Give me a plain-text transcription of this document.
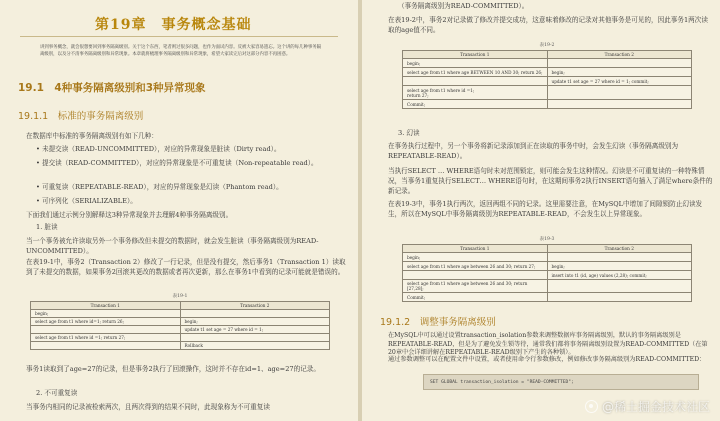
第19章　事务概念基础
讲到事务概念，就会很想要回到事务隔离级别。关于这个东西，笔者则过很多问题，也作为面试内容。反被大家容易遗忘。这个讲的每几种事务隔离级别，以及分不清事务隔离级别和异常现象。本章就将梳理事务隔离级别和异常现象，希望大家读完后对这部分内容不再困惑。
19.1　4种事务隔离级别和3种异常现象
19.1.1　标准的事务隔离级别
在数据库中标准的事务隔离级别有如下几种：
• 未提交读（READ-UNCOMMITTED），对应的异常现象是脏读（Dirty read）。
• 提交读（READ-COMMITTED），对应的异常现象是不可重复读（Non-repeatable read）。
• 可重复读（REPEATABLE-READ），对应的异常现象是幻读（Phantom read）。
• 可序列化（SERIALIZABLE）。
下面我们通过示例分别解释这3种异常现象并去理解4种事务隔离级别。
1. 脏读
当一个事务被允许读取另外一个事务修改但未提交的数据时，就会发生脏读（事务隔离级别为READ-UNCOMMITTED）。
在表19-1中，事务2（Transaction 2）修改了一行记录，但是没有提交，然后事务1（Transaction 1）读取到了未提交的数据，如果事务2回滚其更改的数据或者再次更新，那么在事务1中看到的记录可能就是错误的。
表19-1
Transaction 1	Transaction 2
begin;	
select age from t1 where id=1; return 26;	begin;
	update t1 set age = 27 where id = 1;
select age from t1 where id =1; return 27;	
	Rollback
事务1读取到了age=27的记录，但是事务2执行了回滚操作，这时并不存在id=1、age=27的记录。
2. 不可重复读
当事务内相同的记录被检索两次，且两次得到的结果不同时，此现象称为不可重复读
（事务隔离级别为READ-COMMITTED）。
在表19-2中，事务2对记录做了修改并提交成功，这意味着修改的记录对其他事务是可见的，因此事务1两次读取的age值不同。
表19-2
Transaction 1	Transaction 2
begin;	
select age from t1 where age BETWEEN 10 AND 30; return 26;	begin;
	update t1 set age = 27 where id = 1; commit;
select age from t1 where id =1;
return 27;	
Commit;	
3. 幻读
在事务执行过程中，另一个事务将新记录添加到正在读取的事务中时，会发生幻读（事务隔离级别为REPEATABLE-READ）。
当执行SELECT … WHERE语句时未对范围锁定，则可能会发生这种情况。幻读是不可重复读的一种特殊情况，当事务1重复执行SELECT… WHERE语句时，在这期间事务2执行INSERT语句插入了满足where条件的新记录。
在表19-3中，事务1执行两次，返回两组不同的记录。这里需要注意，在MySQL中增加了间隙锁防止幻读发生，所以在MySQL中事务隔离级别为REPEATABLE-READ，不会发生以上异常现象。
表19-3
Transaction 1	Transaction 2
begin;	
select age from t1 where age between 26 and 30; return 27;	begin;
	insert into t1 (id, age) values (2,28); commit;
select age from t1 where age between 26 and 30; return [27,28];	
Commit;	
19.1.2　调整事务隔离级别
在MySQL中可以通过设置transaction_isolation参数来调整数据库事务隔离级别，默认的事务隔离级别是REPEATABLE-READ，但是为了避免发生锁等待，通常我们都将事务隔离级别设置为READ-COMMITTED（在第20章中会详细讲解在REPEATABLE-READ级别下产生的各种锁）。
通过参数调整可以在配置文件中设置，或者使用命令行参数修改，例如修改事务隔离级别为READ-COMMITTED：
SET GLOBAL transaction_isolation = "READ-COMMITTED";
@稀土掘金技术社区
